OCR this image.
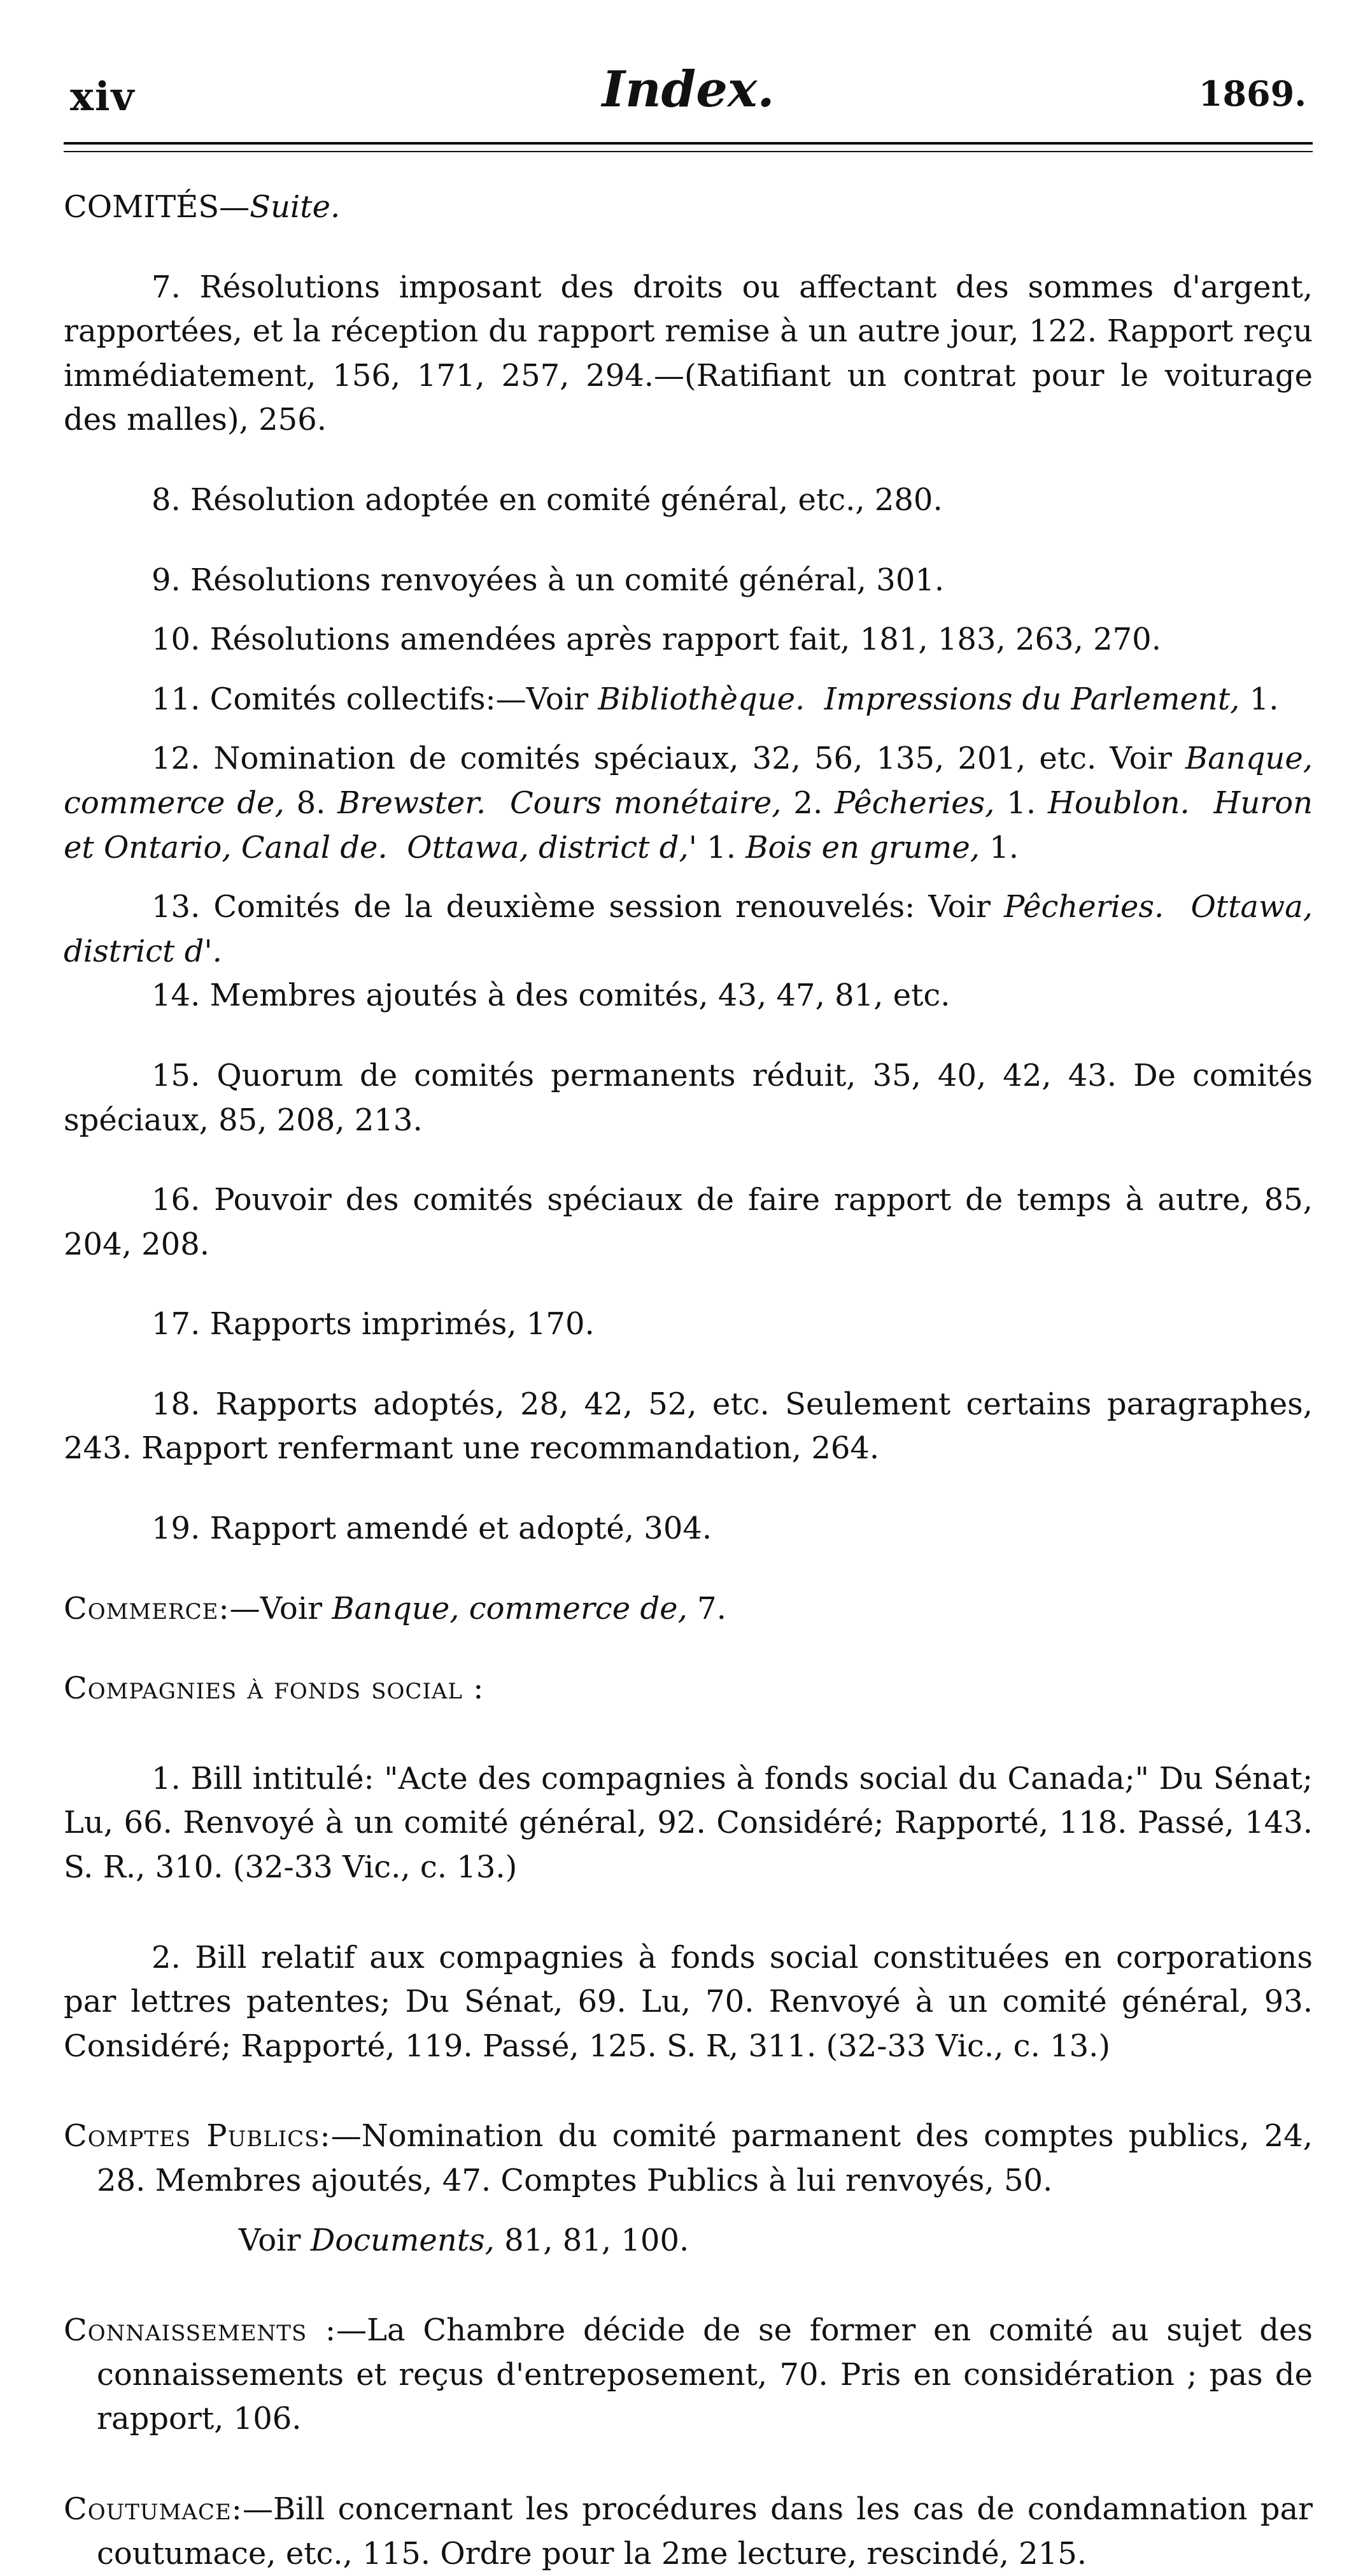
xiv	Index.	1869.
COMITÉS—Suite.
7. Résolutions imposant des droits ou affectant des sommes d'argent, rapportées, et la réception du rapport remise à un autre jour, 122. Rapport reçu immédiatement, 156, 171, 257, 294.—(Ratifiant un contrat pour le voiturage des malles), 256.
8. Résolution adoptée en comité général, etc., 280.
9. Résolutions renvoyées à un comité général, 301.
10. Résolutions amendées après rapport fait, 181, 183, 263, 270.
11. Comités collectifs:—Voir Bibliothèque. Impressions du Parlement, 1.
12. Nomination de comités spéciaux, 32, 56, 135, 201, etc. Voir Banque, commerce de, 8. Brewster. Cours monétaire, 2. Pêcheries, 1. Houblon. Huron et Ontario, Canal de. Ottawa, district d,' 1. Bois en grume, 1.
13. Comités de la deuxième session renouvelés: Voir Pêcheries. Ottawa, district d'.
14. Membres ajoutés à des comités, 43, 47, 81, etc.
15. Quorum de comités permanents réduit, 35, 40, 42, 43. De comités spéciaux, 85, 208, 213.
16. Pouvoir des comités spéciaux de faire rapport de temps à autre, 85, 204, 208.
17. Rapports imprimés, 170.
18. Rapports adoptés, 28, 42, 52, etc. Seulement certains paragraphes, 243. Rapport renfermant une recommandation, 264.
19. Rapport amendé et adopté, 304.
Commerce:—Voir Banque, commerce de, 7.
Compagnies à fonds social :
1. Bill intitulé: "Acte des compagnies à fonds social du Canada;" Du Sénat; Lu, 66. Renvoyé à un comité général, 92. Considéré; Rapporté, 118. Passé, 143. S. R., 310. (32-33 Vic., c. 13.)
2. Bill relatif aux compagnies à fonds social constituées en corporations par lettres patentes; Du Sénat, 69. Lu, 70. Renvoyé à un comité général, 93. Considéré; Rapporté, 119. Passé, 125. S. R, 311. (32-33 Vic., c. 13.)
Comptes Publics:—Nomination du comité parmanent des comptes publics, 24, 28. Membres ajoutés, 47. Comptes Publics à lui renvoyés, 50.
Voir Documents, 81, 81, 100.
Connaissements :—La Chambre décide de se former en comité au sujet des connaissements et reçus d'entreposement, 70. Pris en considération ; pas de rapport, 106.
Coutumace:—Bill concernant les procédures dans les cas de condamnation par coutumace, etc., 115. Ordre pour la 2me lecture, rescindé, 215.
